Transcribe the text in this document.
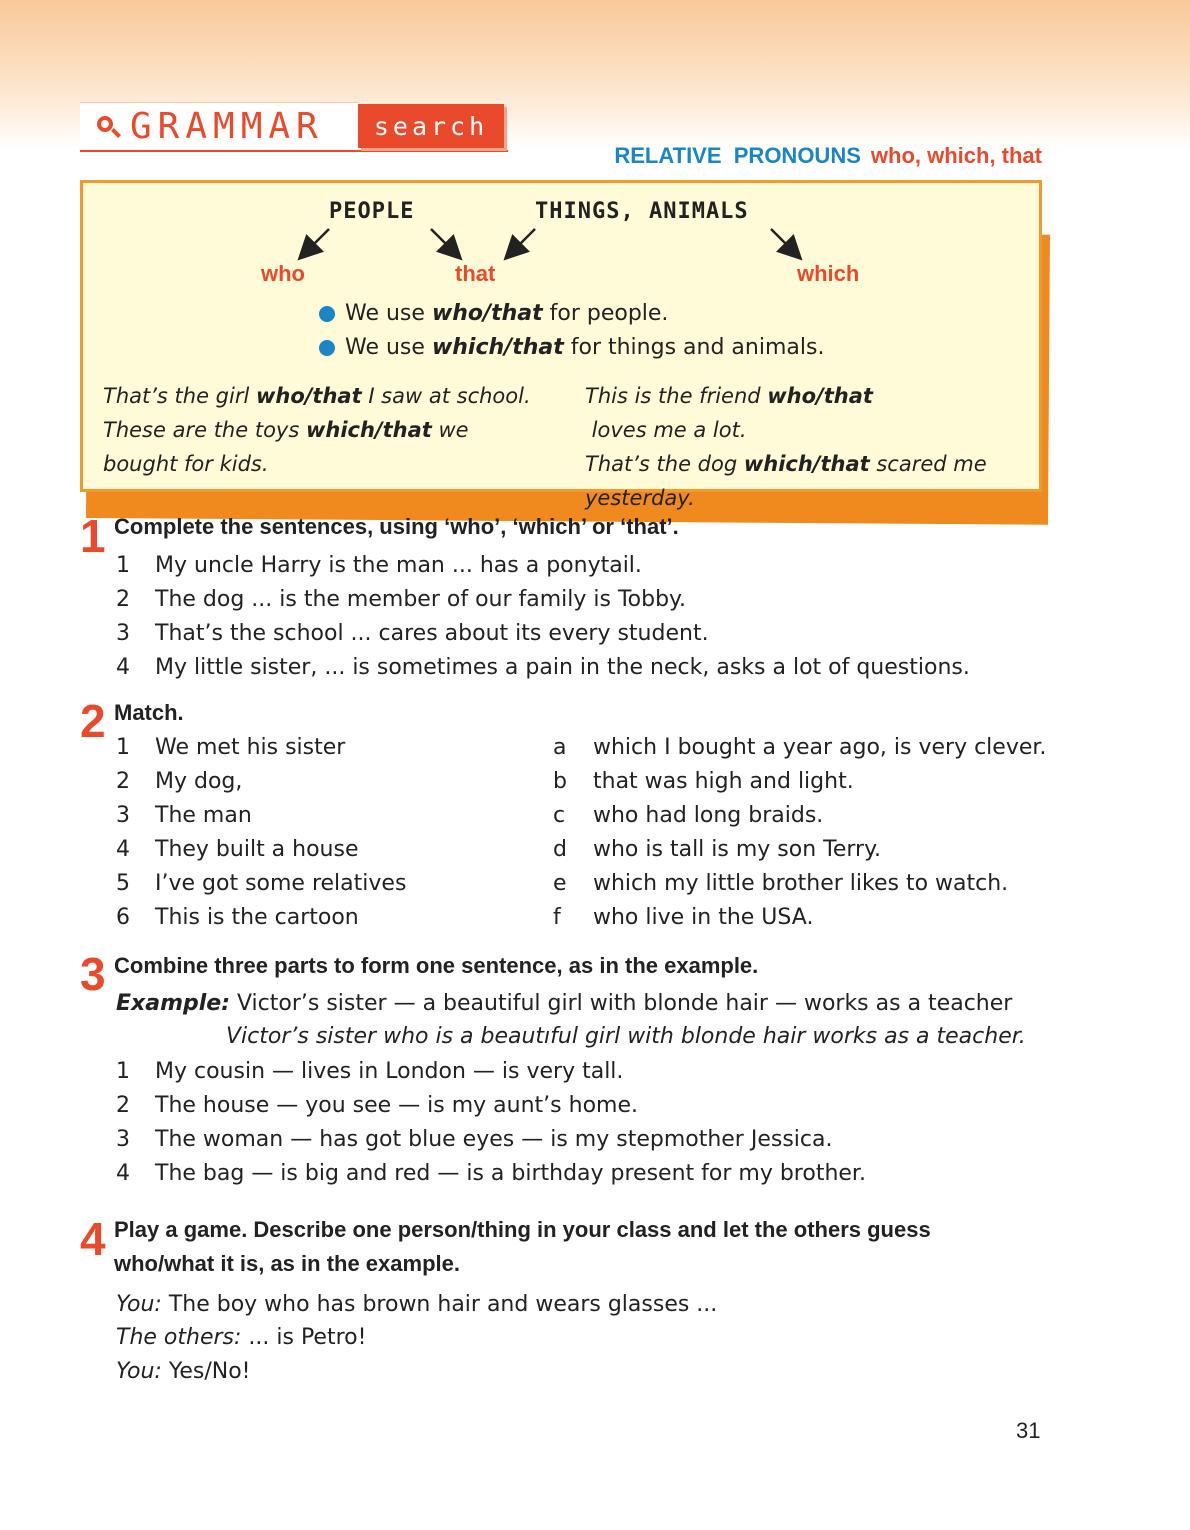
GRAMMAR	search
RELATIVE  PRONOUNS who, which, that
PEOPLE	THINGS, ANIMALS
who	that	which
We use who/that for people.
We use which/that for things and animals.
That’s the girl who/that I saw at school.
These are the toys which/that we bought for kids.
This is the friend who/that loves me a lot.
That’s the dog which/that scared me yesterday.
1 Complete the sentences, using ‘who’, ‘which’ or ‘that’.
1	My uncle Harry is the man ... has a ponytail.
2	The dog ... is the member of our family is Tobby.
3	That’s the school ... cares about its every student.
4	My little sister, ... is sometimes a pain in the neck, asks a lot of questions.
2 Match.
1	We met his sister	a	which I bought a year ago, is very clever.
2	My dog,	b	that was high and light.
3	The man	c	who had long braids.
4	They built a house	d	who is tall is my son Terry.
5	I’ve got some relatives	e	which my little brother likes to watch.
6	This is the cartoon	f	who live in the USA.
3 Combine three parts to form one sentence, as in the example.
Example: Victor’s sister — a beautiful girl with blonde hair — works as a teacher
Victor’s sister who is a beautıful girl with blonde hair works as a teacher.
1	My cousin — lives in London — is very tall.
2	The house — you see — is my aunt’s home.
3	The woman — has got blue eyes — is my stepmother Jessica.
4	The bag — is big and red — is a birthday present for my brother.
4 Play a game. Describe one person/thing in your class and let the others guess
who/what it is, as in the example.
You: The boy who has brown hair and wears glasses ...
The others: ... is Petro!
You: Yes/No!
31
